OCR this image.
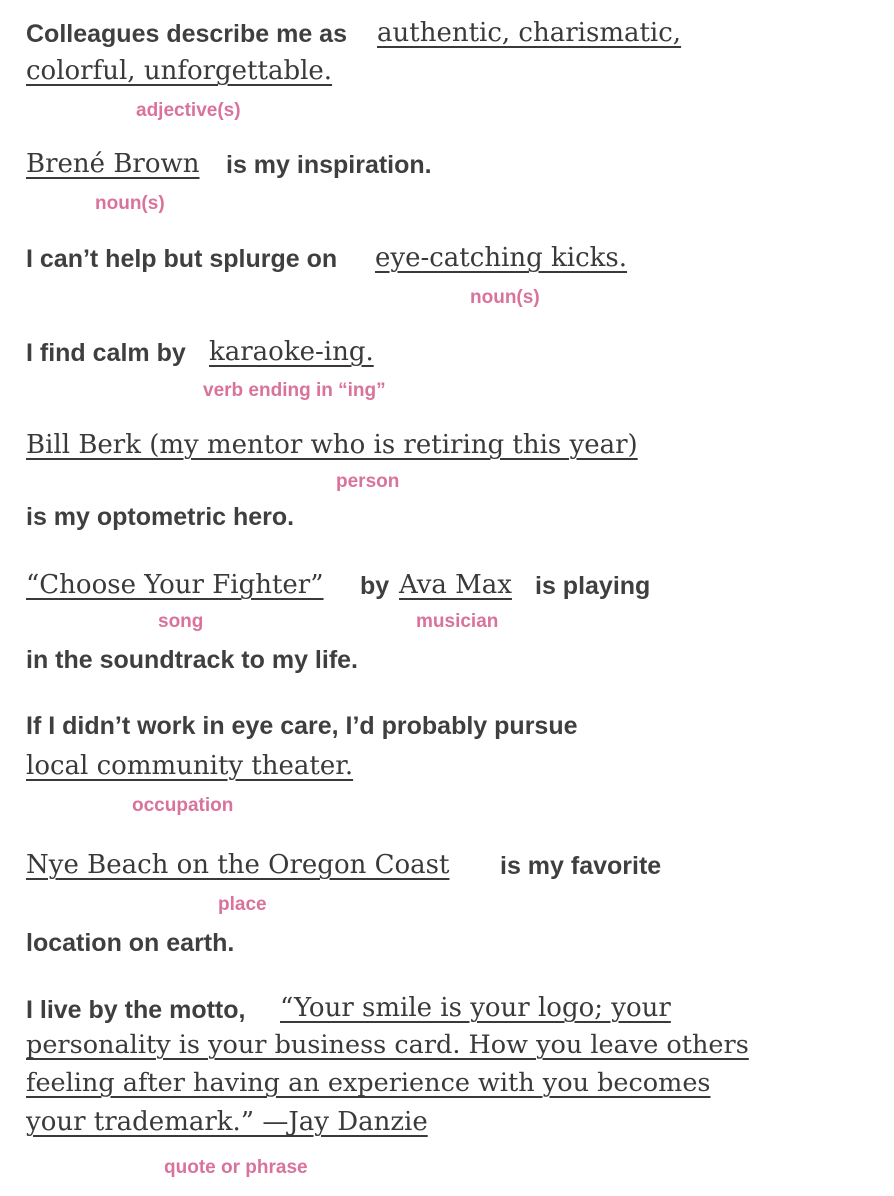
Colleagues describe me as authentic, charismatic,

colorful, unforgettable.

adjective(s)

Brené Brown is my inspiration.

noun(s)

I can’t help but splurge on eye-catching kicks.

noun(s)

I find calm by karaoke-ing.

verb ending in “ing”

Bill Berk (my mentor who is retiring this year)

person

is my optometric hero.

“Choose Your Fighter” by Ava Max is playing

song	musician

in the soundtrack to my life.

If I didn’t work in eye care, I’d probably pursue

local community theater.

occupation

Nye Beach on the Oregon Coast is my favorite

place

location on earth.

I live by the motto, “Your smile is your logo; your

personality is your business card. How you leave others

feeling after having an experience with you becomes

your trademark.” —Jay Danzie

quote or phrase
